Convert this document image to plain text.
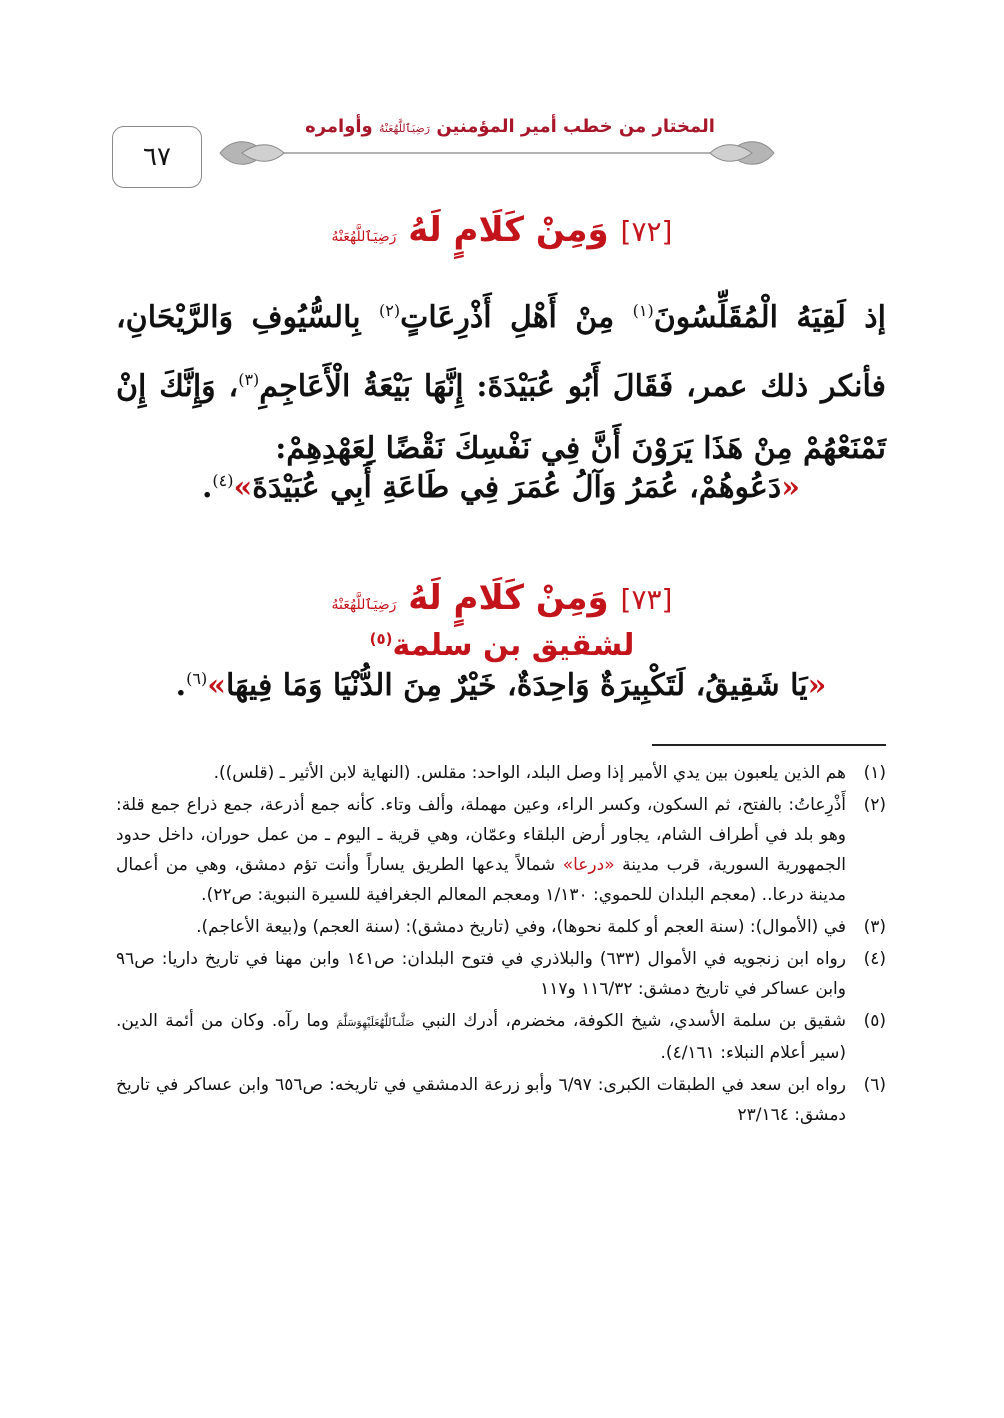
٦٧
المختار من خطب أمير المؤمنين رَضِيَٱللَّهُعَنْهُ وأوامره
[٧٢] وَمِنْ كَلَامٍ لَهُ رَضِيَٱللَّهُعَنْهُ
إذ لَقِيَهُ الْمُقَلِّسُونَ$^{(١)}$ مِنْ أَهْلِ أَذْرِعَاتٍ$^{(٢)}$ بِالسُّيُوفِ وَالرَّيْحَانِ، فأنكر ذلك عمر، فَقَالَ أَبُو عُبَيْدَةَ: إِنَّهَا بَيْعَةُ الْأَعَاجِمِ$^{(٣)}$، وَإِنَّكَ إِنْ تَمْنَعْهُمْ مِنْ هَذَا يَرَوْنَ أَنَّ فِي نَفْسِكَ نَقْضًا لِعَهْدِهِمْ:
«دَعُوهُمْ، عُمَرُ وَآلُ عُمَرَ فِي طَاعَةِ أَبِي عُبَيْدَةَ»$^{(٤)}$.
[٧٣] وَمِنْ كَلَامٍ لَهُ رَضِيَٱللَّهُعَنْهُ
لشقيق بن سلمة$^{(٥)}$
«يَا شَقِيقُ، لَتَكْبِيرَةٌ وَاحِدَةٌ، خَيْرٌ مِنَ الدُّنْيَا وَمَا فِيهَا»$^{(٦)}$.
(١)
هم الذين يلعبون بين يدي الأمير إذا وصل البلد، الواحد: مقلس. (النهاية لابن الأثير ـ (قلس)).
(٢)
أَذْرِعاتُ: بالفتح، ثم السكون، وكسر الراء، وعين مهملة، وألف وتاء. كأنه جمع أذرعة، جمع ذراع جمع قلة: وهو بلد في أطراف الشام، يجاور أرض البلقاء وعمّان، وهي قرية ـ اليوم ـ من عمل حوران، داخل حدود الجمهورية السورية، قرب مدينة «درعا» شمالاً يدعها الطريق يساراً وأنت تؤم دمشق، وهي من أعمال مدينة درعا.. (معجم البلدان للحموي: ١/١٣٠ ومعجم المعالم الجغرافية للسيرة النبوية: ص٢٢).
(٣)
في (الأموال): (سنة العجم أو كلمة نحوها)، وفي (تاريخ دمشق): (سنة العجم) و(بيعة الأعاجم).
(٤)
رواه ابن زنجويه في الأموال (٦٣٣) والبلاذري في فتوح البلدان: ص١٤١ وابن مهنا في تاريخ داريا: ص٩٦ وابن عساكر في تاريخ دمشق: ١١٦/٣٢ و١١٧
(٥)
شقيق بن سلمة الأسدي، شيخ الكوفة، مخضرم، أدرك النبي صَلَّىٱللَّهُعَلَيْهِوَسَلَّمَ وما رآه. وكان من أئمة الدين. (سير أعلام النبلاء: ٤/١٦١).
(٦)
رواه ابن سعد في الطبقات الكبرى: ٦/٩٧ وأبو زرعة الدمشقي في تاريخه: ص٦٥٦ وابن عساكر في تاريخ دمشق: ٢٣/١٦٤
